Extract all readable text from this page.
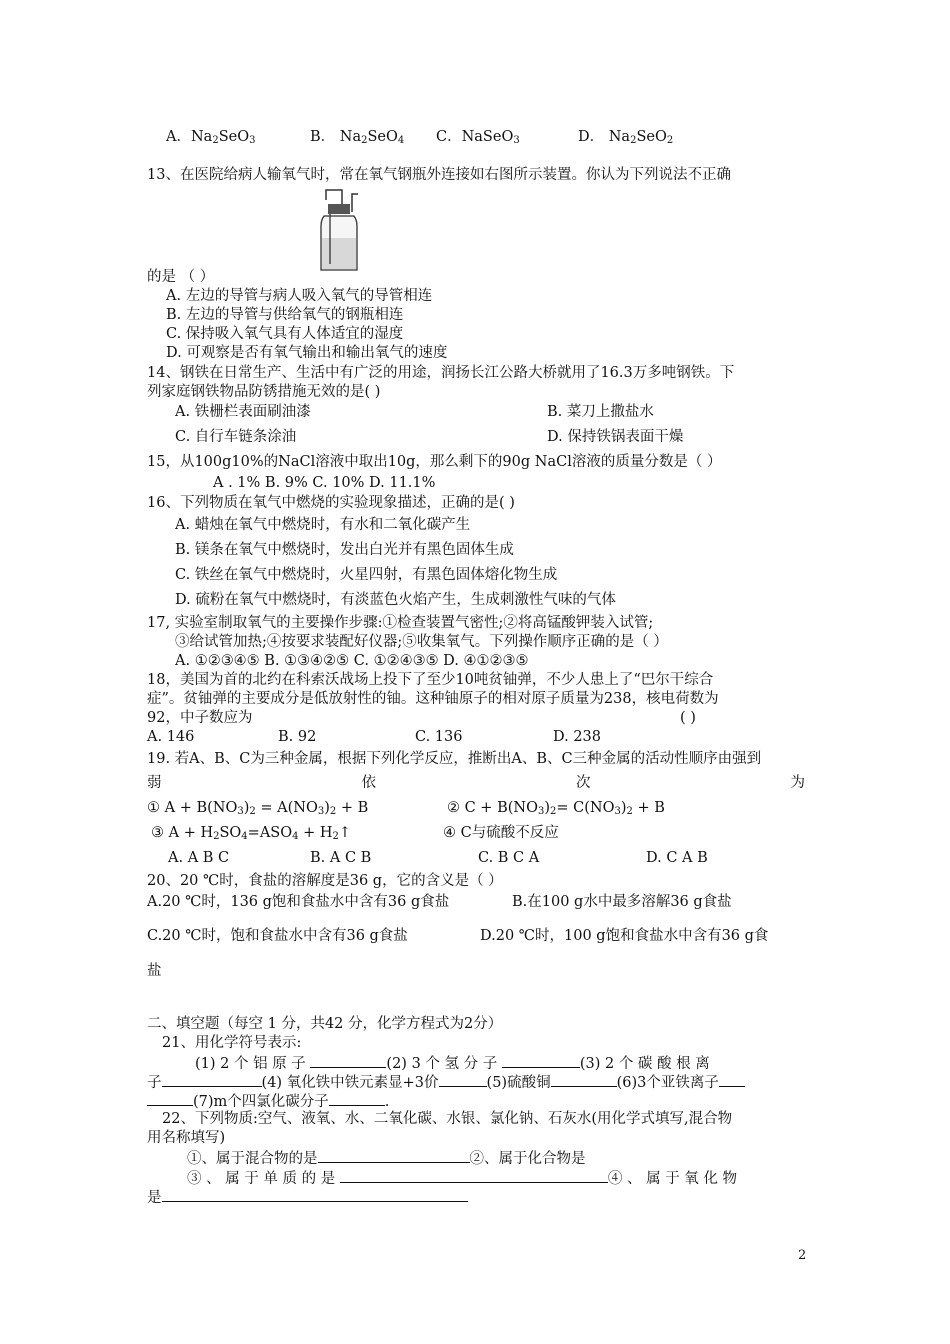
A．$Na_2SeO_3$	B． $Na_2SeO_4$ C．NaSeO$_3$	D． $Na_2SeO_2$
13、在医院给病人输氧气时，常在氧气钢瓶外连接如右图所示装置。你认为下列说法不正确
的是 （ ）
A. 左边的导管与病人吸入氧气的导管相连
B. 左边的导管与供给氧气的钢瓶相连
C. 保持吸入氧气具有人体适宜的湿度
D. 可观察是否有氧气输出和输出氧气的速度
14、钢铁在日常生产、生活中有广泛的用途，润扬长江公路大桥就用了16.3万多吨钢铁。下
列家庭钢铁物品防锈措施无效的是( )
A. 铁栅栏表面刷油漆	B. 菜刀上撒盐水
C. 自行车链条涂油	D. 保持铁锅表面干燥
15，从100g10%的NaCl溶液中取出10g，那么剩下的90g NaCl溶液的质量分数是（ ）
A . 1% B. 9% C. 10% D. 11.1%
16、下列物质在氧气中燃烧的实验现象描述，正确的是( )
A. 蜡烛在氧气中燃烧时，有水和二氧化碳产生
B. 镁条在氧气中燃烧时，发出白光并有黑色固体生成
C. 铁丝在氧气中燃烧时，火星四射，有黑色固体熔化物生成
D. 硫粉在氧气中燃烧时，有淡蓝色火焰产生，生成刺激性气味的气体
17, 实验室制取氧气的主要操作步骤:①检查装置气密性;②将高锰酸钾装入试管;
③给试管加热;④按要求装配好仪器;⑤收集氧气。下列操作顺序正确的是（ ）
A. ①②③④⑤ B. ①③④②⑤ C. ①②④③⑤ D. ④①②③⑤
18，美国为首的北约在科索沃战场上投下了至少10吨贫铀弹，不少人患上了“巴尔干综合
症”。贫铀弹的主要成分是低放射性的铀。这种铀原子的相对原子质量为238，核电荷数为
92，中子数应为	( )
A. 146	B. 92	C. 136	D. 238
19. 若A、B、C为三种金属，根据下列化学反应，推断出A、B、C三种金属的活动性顺序由强到
弱	依	次	为
① $A + B(NO_3)_2 = A(NO_3)_2 + B$	② $C + B(NO_3)_2= C(NO_3)_2 + B$
③ $A + H_2SO_4=ASO_4$ + $H_2↑$	④ C与硫酸不反应
A. A B C	B. A C B	C. B C A	D. C A B
20、20 ℃时，食盐的溶解度是36 g，它的含义是（ ）
A.20 ℃时，136 g饱和食盐水中含有36 g食盐	B.在100 g水中最多溶解36 g食盐
C.20 ℃时，饱和食盐水中含有36 g食盐	D.20 ℃时，100 g饱和食盐水中含有36 g食
盐
二、填空题（每空 1 分，共42 分，化学方程式为2分）
21、用化学符号表示:
(1) 2 个 铝 原 子	(2) 3 个 氢 分 子	(3) 2 个 碳 酸 根 离
子	(4) 氧化铁中铁元素显+3价	(5)硫酸铜	(6)3个亚铁离子
(7)m个四氯化碳分子	.
22、下列物质:空气、液氧、水、二氧化碳、水银、氯化钠、石灰水(用化学式填写,混合物
用名称填写)
①、属于混合物的是	②、属于化合物是
③ 、 属 于 单 质 的 是	④ 、 属 于 氧 化 物
是
2
